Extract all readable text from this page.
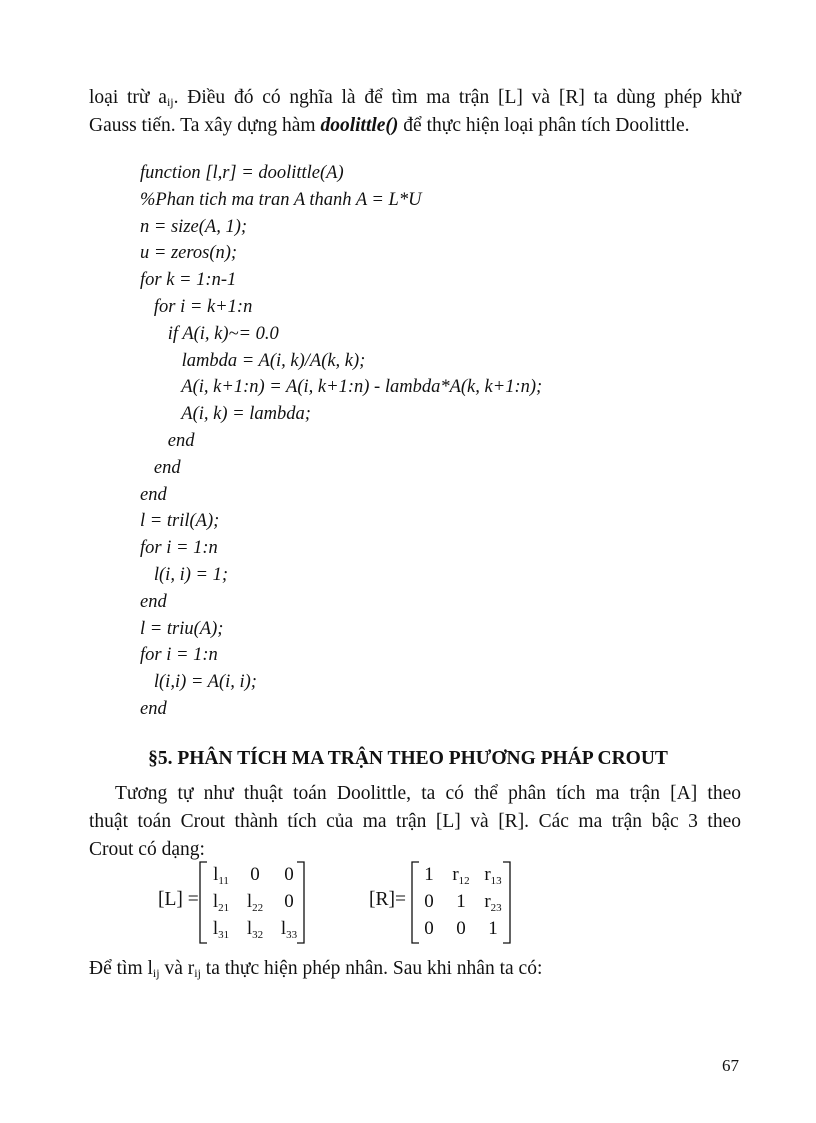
loại trừ $a_{ij}$. Điều đó có nghĩa là để tìm ma trận [L] và [R] ta dùng phép khử
Gauss tiến. Ta xây dựng hàm doolittle() để thực hiện loại phân tích Doolittle.
function [l,r] = doolittle(A)
%Phan tich ma tran A thanh A = L*U
n = size(A, 1);
u = zeros(n);
for k = 1:n-1
for i = k+1:n
if A(i, k)~= 0.0
lambda = A(i, k)/A(k, k);
A(i, k+1:n) = A(i, k+1:n) - lambda*A(k, k+1:n);
A(i, k) = lambda;
end
end
end
l = tril(A);
for i = 1:n
l(i, i) = 1;
end
l = triu(A);
for i = 1:n
l(i,i) = A(i, i);
end
§5. PHÂN TÍCH MA TRẬN THEO PHƯƠNG PHÁP CROUT
Tương tự như thuật toán Doolittle, ta có thể phân tích ma trận [A] theo
thuật toán Crout thành tích của ma trận [L] và [R]. Các ma trận bậc 3 theo
Crout có dạng:
[L] =
$l_{11}$	0	0
$l_{21}$ $l_{22}$	0
$l_{31}$ $l_{32}$ $l_{33}$
[R]=
1 $r_{12}$ $r_{13}$
0	1 $r_{23}$
0	0	1
Để tìm $l_{ij}$ và $r_{ij}$ ta thực hiện phép nhân. Sau khi nhân ta có:
67
